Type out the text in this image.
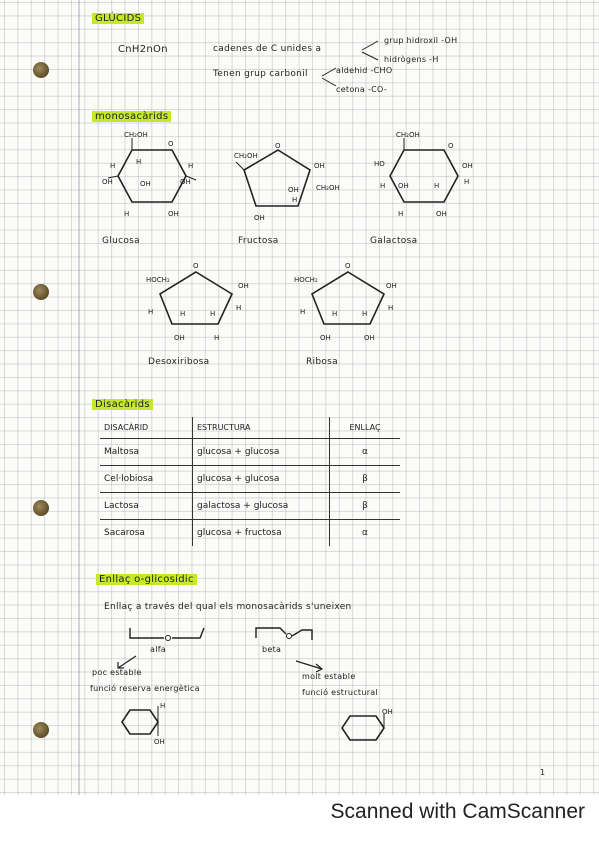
GLÚCIDS
CnH2nOn	cadenes de C unides a
grup hidroxil -OH
hidrògens -H
Tenen grup carbonil	aldehid -CHO
cetona -CO-
monosacàrids
CH₂OH
O
H	H	H
OH
OH	OH
H	OH
Glucosa
O
CH₂OH
OH
CH₂OH
OH
H
OH
Fructosa
CH₂OH
O
HO	OH
H
H OH	H
H	OH
Galactosa
O
HOCH₂
OH
H	H	H
H
OH	H
Desoxiribosa
O
HOCH₂
OH
H	H	H
H
OH	OH
Ribosa
Disacàrids
DISACÀRID	ESTRUCTURA	ENLLAÇ
Maltosa	glucosa + glucosa	α
Cel·lobiosa	glucosa + glucosa	β
Lactosa	galactosa + glucosa	β
Sacarosa	glucosa + fructosa	α
Enllaç o-glicosídic
Enllaç a través del qual els monosacàrids s'uneixen
alfa	beta
poc estable
funció reserva energètica
molt estable
funció estructural
H
OH
OH
1
Scanned with CamScanner
